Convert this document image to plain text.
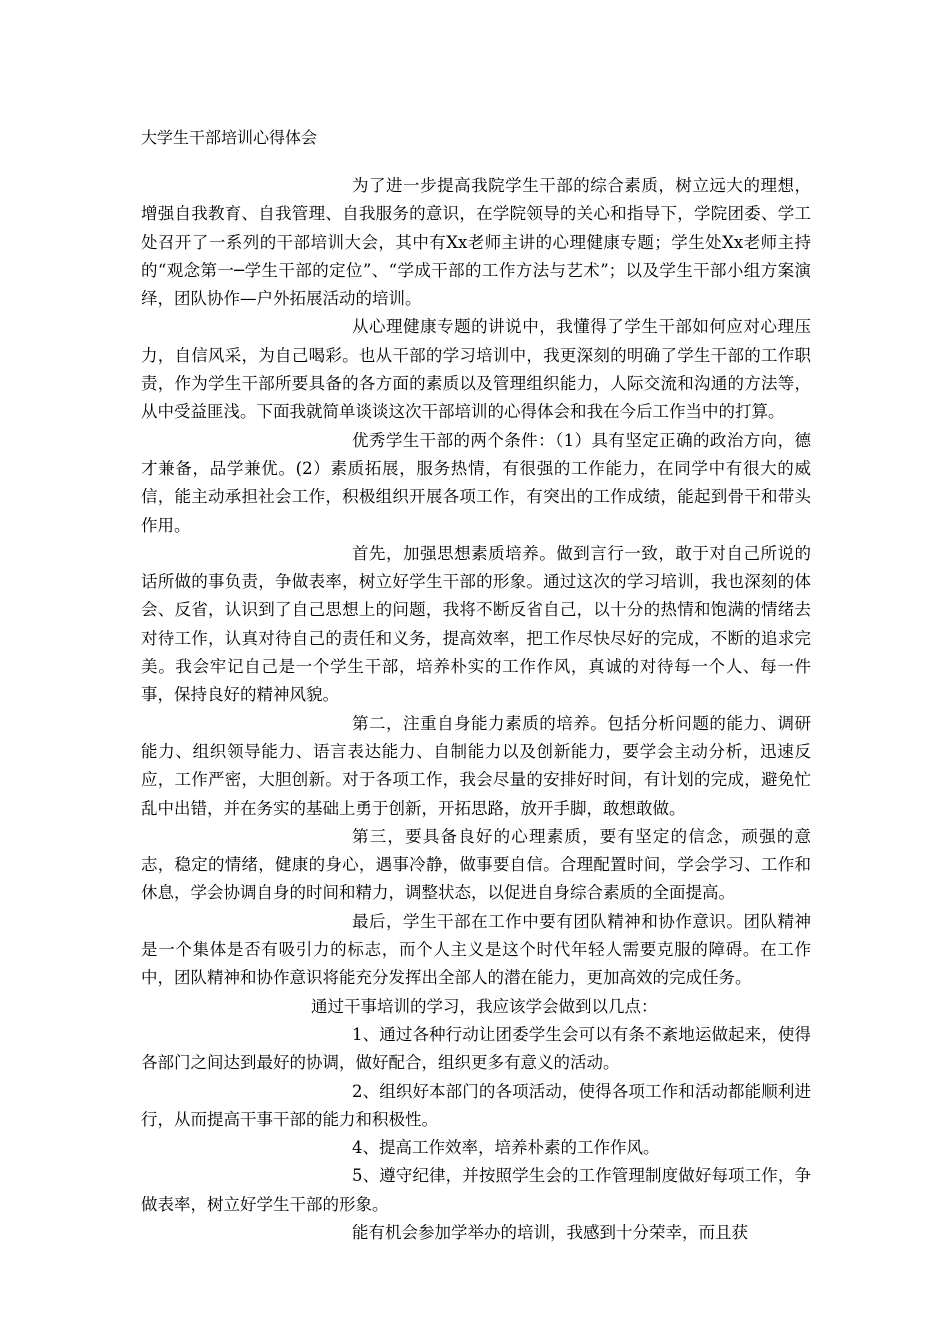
大学生干部培训心得体会

为了进一步提高我院学生干部的综合素质，树立远大的理想，增强自我教育、自我管理、自我服务的意识，在学院领导的关心和指导下，学院团委、学工处召开了一系列的干部培训大会，其中有Xx老师主讲的心理健康专题；学生处Xx老师主持的“观念第一─学生干部的定位”、“学成干部的工作方法与艺术”；以及学生干部小组方案演绎，团队协作—户外拓展活动的培训。

从心理健康专题的讲说中，我懂得了学生干部如何应对心理压力，自信风采，为自己喝彩。也从干部的学习培训中，我更深刻的明确了学生干部的工作职责，作为学生干部所要具备的各方面的素质以及管理组织能力，人际交流和沟通的方法等，从中受益匪浅。下面我就简单谈谈这次干部培训的心得体会和我在今后工作当中的打算。

优秀学生干部的两个条件：（1）具有坚定正确的政治方向，德才兼备，品学兼优。(2）素质拓展，服务热情，有很强的工作能力，在同学中有很大的威信，能主动承担社会工作，积极组织开展各项工作，有突出的工作成绩，能起到骨干和带头作用。

首先，加强思想素质培养。做到言行一致，敢于对自己所说的话所做的事负责，争做表率，树立好学生干部的形象。通过这次的学习培训，我也深刻的体会、反省，认识到了自己思想上的问题，我将不断反省自己，以十分的热情和饱满的情绪去对待工作，认真对待自己的责任和义务，提高效率，把工作尽快尽好的完成，不断的追求完美。我会牢记自己是一个学生干部，培养朴实的工作作风，真诚的对待每一个人、每一件事，保持良好的精神风貌。

第二，注重自身能力素质的培养。包括分析问题的能力、调研能力、组织领导能力、语言表达能力、自制能力以及创新能力，要学会主动分析，迅速反应，工作严密，大胆创新。对于各项工作，我会尽量的安排好时间，有计划的完成，避免忙乱中出错，并在务实的基础上勇于创新，开拓思路，放开手脚，敢想敢做。

第三，要具备良好的心理素质，要有坚定的信念，顽强的意志，稳定的情绪，健康的身心，遇事冷静，做事要自信。合理配置时间，学会学习、工作和休息，学会协调自身的时间和精力，调整状态，以促进自身综合素质的全面提高。

最后，学生干部在工作中要有团队精神和协作意识。团队精神是一个集体是否有吸引力的标志，而个人主义是这个时代年轻人需要克服的障碍。在工作中，团队精神和协作意识将能充分发挥出全部人的潜在能力，更加高效的完成任务。

通过干事培训的学习，我应该学会做到以几点：

1、通过各种行动让团委学生会可以有条不紊地运做起来，使得各部门之间达到最好的协调，做好配合，组织更多有意义的活动。

2、组织好本部门的各项活动，使得各项工作和活动都能顺利进行，从而提高干事干部的能力和积极性。

4、提高工作效率，培养朴素的工作作风。

5、遵守纪律，并按照学生会的工作管理制度做好每项工作，争做表率，树立好学生干部的形象。

能有机会参加学举办的培训，我感到十分荣幸，而且获
